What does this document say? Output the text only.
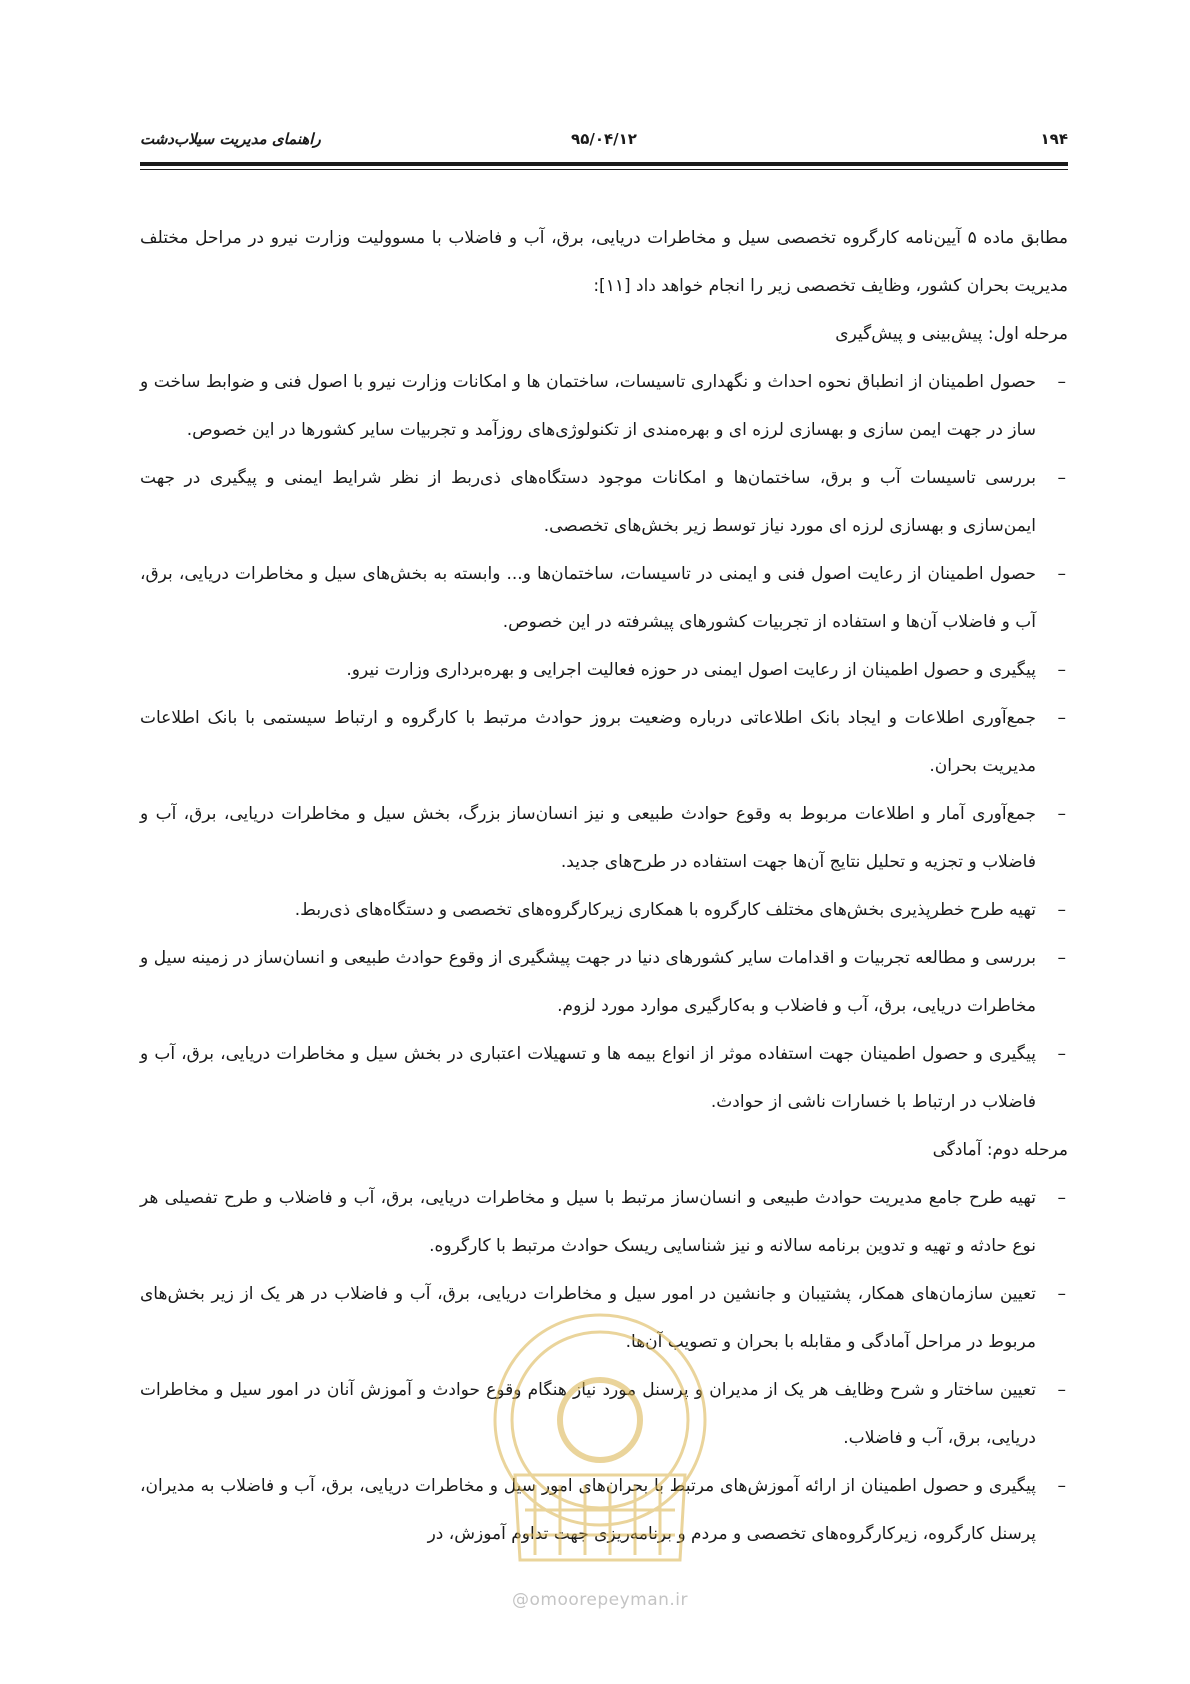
۱۹۴
۹۵/۰۴/۱۲
راهنمای مدیریت سیلاب‌دشت

مطابق ماده ۵ آیین‌نامه کارگروه تخصصی سیل و مخاطرات دریایی، برق، آب و فاضلاب با مسوولیت وزارت نیرو در مراحل مختلف مدیریت بحران کشور، وظایف تخصصی زیر را انجام خواهد داد [۱۱]:

مرحله اول: پیش‌بینی و پیش‌گیری

–
حصول اطمینان از انطباق نحوه احداث و نگهداری تاسیسات، ساختمان ها و امکانات وزارت نیرو با اصول فنی و ضوابط ساخت و ساز در جهت ایمن سازی و بهسازی لرزه ای و بهره‌مندی از تکنولوژی‌های روزآمد و تجربیات سایر کشورها در این خصوص.
–
بررسی تاسیسات آب و برق، ساختمان‌ها و امکانات موجود دستگاه‌های ذی‌ربط از نظر شرایط ایمنی و پیگیری در جهت ایمن‌سازی و بهسازی لرزه ای مورد نیاز توسط زیر بخش‌های تخصصی.
–
حصول اطمینان از رعایت اصول فنی و ایمنی در تاسیسات، ساختمان‌ها و... وابسته به بخش‌های سیل و مخاطرات دریایی، برق، آب و فاضلاب آن‌ها و استفاده از تجربیات کشورهای پیشرفته در این خصوص.
–
پیگیری و حصول اطمینان از رعایت اصول ایمنی در حوزه فعالیت اجرایی و بهره‌برداری وزارت نیرو.
–
جمع‌آوری اطلاعات و ایجاد بانک اطلاعاتی درباره وضعیت بروز حوادث مرتبط با کارگروه و ارتباط سیستمی با بانک اطلاعات مدیریت بحران.
–
جمع‌آوری آمار و اطلاعات مربوط به وقوع حوادث طبیعی و نیز انسان‌ساز بزرگ، بخش سیل و مخاطرات دریایی، برق، آب و فاضلاب و تجزیه و تحلیل نتایج آن‌ها جهت استفاده در طرح‌های جدید.
–
تهیه طرح خطرپذیری بخش‌های مختلف کارگروه با همکاری زیرکارگروه‌های تخصصی و دستگاه‌های ذی‌ربط.
–
بررسی و مطالعه تجربیات و اقدامات سایر کشورهای دنیا در جهت پیشگیری از وقوع حوادث طبیعی و انسان‌ساز در زمینه سیل و مخاطرات دریایی، برق، آب و فاضلاب و به‌کارگیری موارد مورد لزوم.
–
پیگیری و حصول اطمینان جهت استفاده موثر از انواع بیمه ها و تسهیلات اعتباری در بخش سیل و مخاطرات دریایی، برق، آب و فاضلاب در ارتباط با خسارات ناشی از حوادث.

مرحله دوم: آمادگی

–
تهیه طرح جامع مدیریت حوادث طبیعی و انسان‌ساز مرتبط با سیل و مخاطرات دریایی، برق، آب و فاضلاب و طرح تفصیلی هر نوع حادثه و تهیه و تدوین برنامه سالانه و نیز شناسایی ریسک حوادث مرتبط با کارگروه.
–
تعیین سازمان‌های همکار، پشتیبان و جانشین در امور سیل و مخاطرات دریایی، برق، آب و فاضلاب در هر یک از زیر بخش‌های مربوط در مراحل آمادگی و مقابله با بحران و تصویب آن‌ها.
–
تعیین ساختار و شرح وظایف هر یک از مدیران و پرسنل مورد نیاز هنگام وقوع حوادث و آموزش آنان در امور سیل و مخاطرات دریایی، برق، آب و فاضلاب.
–
پیگیری و حصول اطمینان از ارائه آموزش‌های مرتبط با بحران‌های امور سیل و مخاطرات دریایی، برق، آب و فاضلاب به مدیران، پرسنل کارگروه، زیرکارگروه‌های تخصصی و مردم و برنامه‌ریزی جهت تداوم آموزش، در
@omoorepeyman.ir
